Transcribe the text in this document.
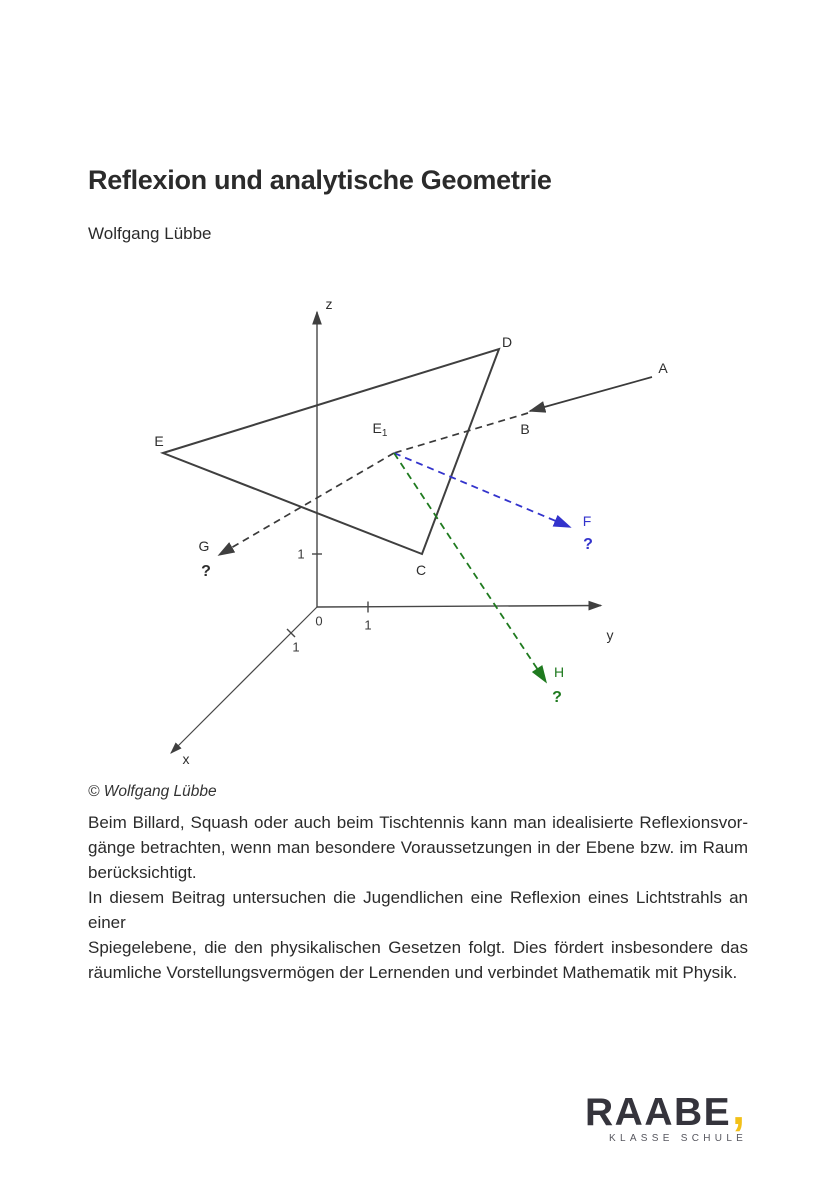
Reflexion und analytische Geometrie
Wolfgang Lübbe
z
y
x
0	1
1
1
A
B
C
D
E
$E_1$
F
?
G
?
H
?
© Wolfgang Lübbe
Beim Billard, Squash oder auch beim Tischtennis kann man idealisierte Reflexionsvor-
gänge betrachten, wenn man besondere Voraussetzungen in der Ebene bzw. im Raum
berücksichtigt.
In diesem Beitrag untersuchen die Jugendlichen eine Reflexion eines Lichtstrahls an einer
Spiegelebene, die den physikalischen Gesetzen folgt. Dies fördert insbesondere das
räumliche Vorstellungsvermögen der Lernenden und verbindet Mathematik mit Physik.
RAABE,
KLASSE SCHULE
